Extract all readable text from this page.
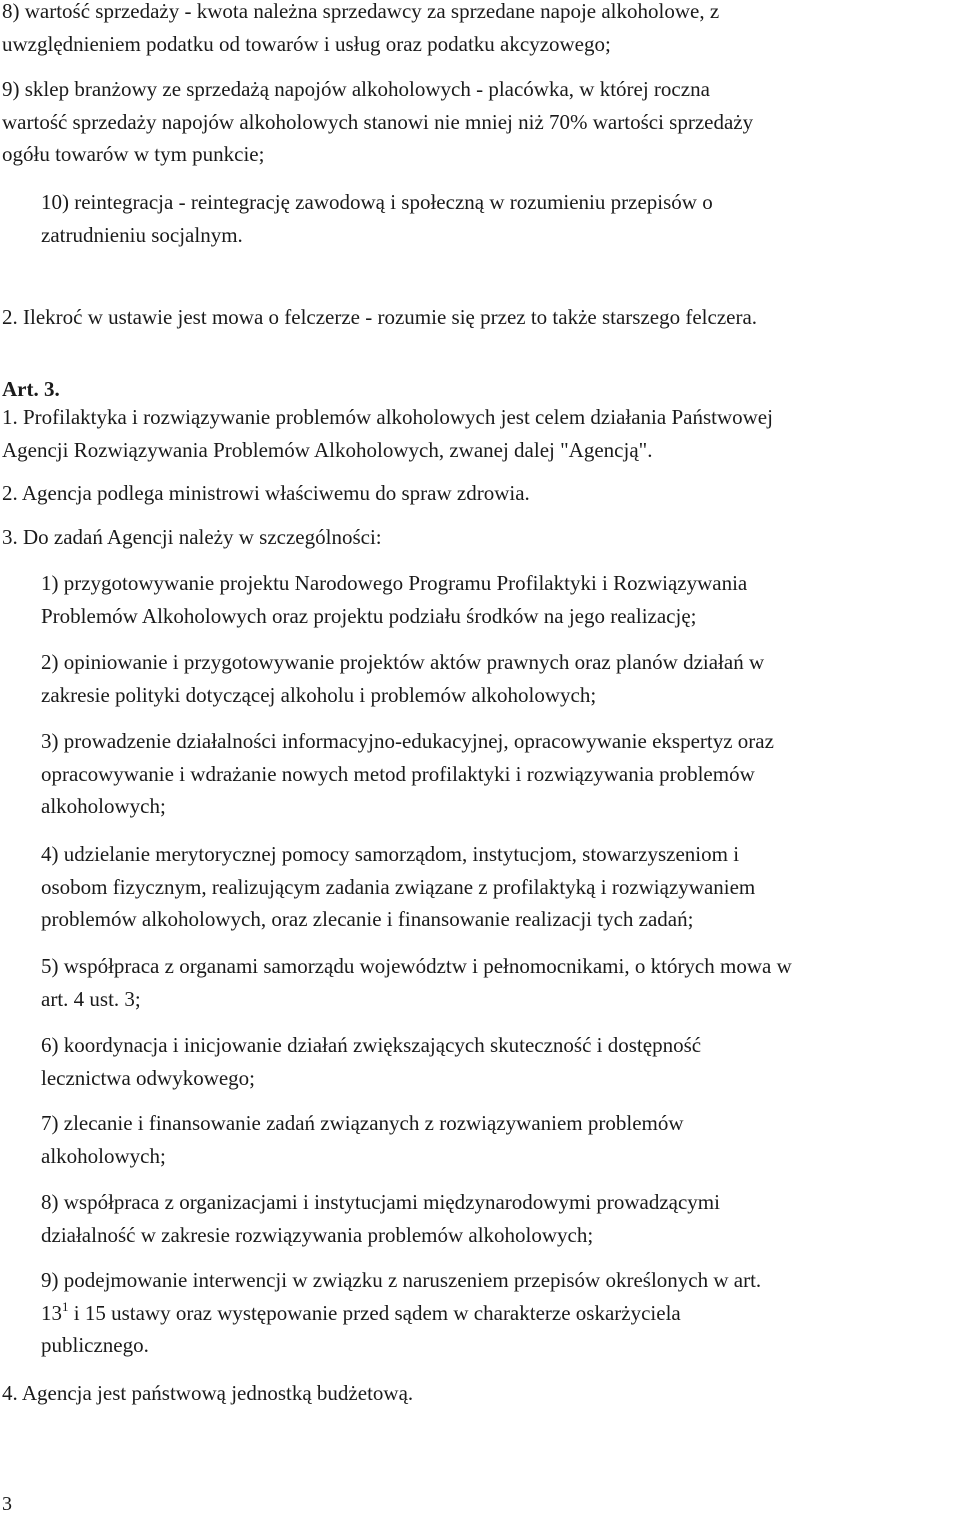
8) wartość sprzedaży - kwota należna sprzedawcy za sprzedane napoje alkoholowe, z
uwzględnieniem podatku od towarów i usług oraz podatku akcyzowego;

9) sklep branżowy ze sprzedażą napojów alkoholowych - placówka, w której roczna
wartość sprzedaży napojów alkoholowych stanowi nie mniej niż 70% wartości sprzedaży
ogółu towarów w tym punkcie;

10) reintegracja - reintegrację zawodową i społeczną w rozumieniu przepisów o
zatrudnieniu socjalnym.

2. Ilekroć w ustawie jest mowa o felczerze - rozumie się przez to także starszego felczera.

Art. 3.

1. Profilaktyka i rozwiązywanie problemów alkoholowych jest celem działania Państwowej
Agencji Rozwiązywania Problemów Alkoholowych, zwanej dalej "Agencją".

2. Agencja podlega ministrowi właściwemu do spraw zdrowia.

3. Do zadań Agencji należy w szczególności:

1) przygotowywanie projektu Narodowego Programu Profilaktyki i Rozwiązywania
Problemów Alkoholowych oraz projektu podziału środków na jego realizację;

2) opiniowanie i przygotowywanie projektów aktów prawnych oraz planów działań w
zakresie polityki dotyczącej alkoholu i problemów alkoholowych;

3) prowadzenie działalności informacyjno-edukacyjnej, opracowywanie ekspertyz oraz
opracowywanie i wdrażanie nowych metod profilaktyki i rozwiązywania problemów
alkoholowych;

4) udzielanie merytorycznej pomocy samorządom, instytucjom, stowarzyszeniom i
osobom fizycznym, realizującym zadania związane z profilaktyką i rozwiązywaniem
problemów alkoholowych, oraz zlecanie i finansowanie realizacji tych zadań;

5) współpraca z organami samorządu województw i pełnomocnikami, o których mowa w
art. 4 ust. 3;

6) koordynacja i inicjowanie działań zwiększających skuteczność i dostępność
lecznictwa odwykowego;

7) zlecanie i finansowanie zadań związanych z rozwiązywaniem problemów
alkoholowych;

8) współpraca z organizacjami i instytucjami międzynarodowymi prowadzącymi
działalność w zakresie rozwiązywania problemów alkoholowych;

9) podejmowanie interwencji w związku z naruszeniem przepisów określonych w art.
$13^1$ i 15 ustawy oraz występowanie przed sądem w charakterze oskarżyciela
publicznego.

4. Agencja jest państwową jednostką budżetową.

3
